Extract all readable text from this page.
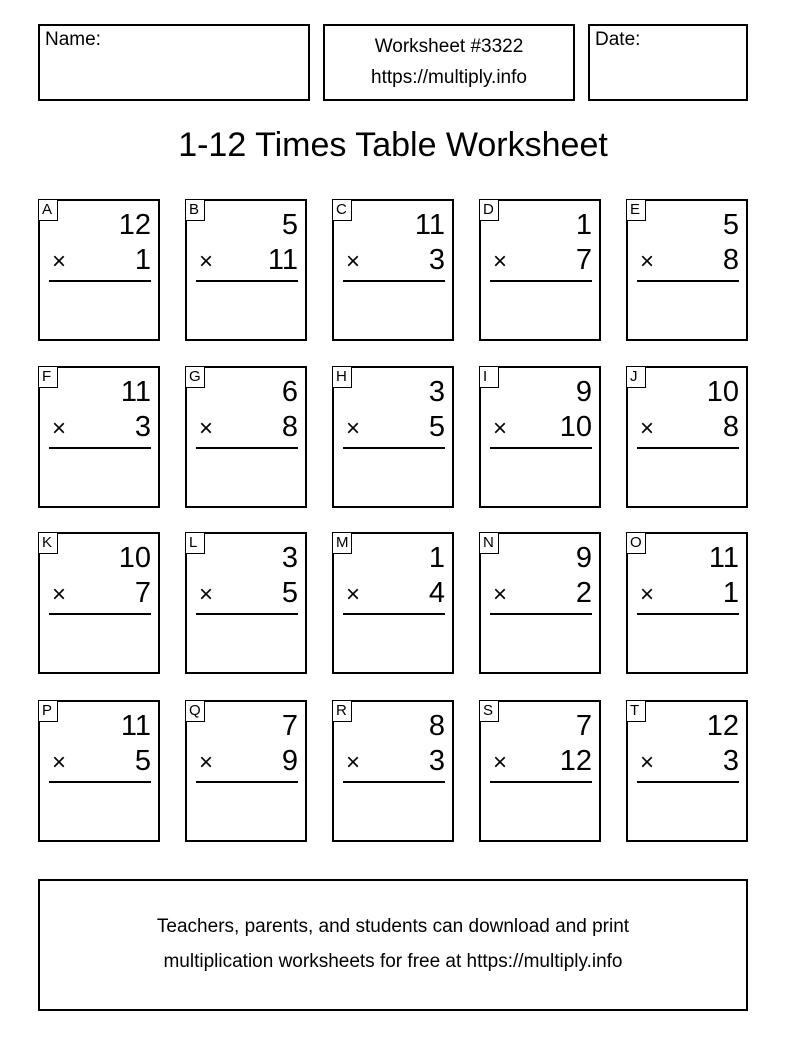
Name:	Worksheet #3322
https://multiply.info
Date:
1-12 Times Table Worksheet
A 12
× 1
B	5
× 11
C 11
× 3
D	1
× 7
E	5
× 8
F 11
× 3
G	6
× 8
H	3
× 5
I	9
× 10
J 10
× 8
K 10
× 7
L	3
× 5
M	1
× 4
N	9
× 2
O 11
× 1
P 11
× 5
Q	7
× 9
R	8
× 3
S	7
× 12
T 12
× 3
Teachers, parents, and students can download and print
multiplication worksheets for free at https://multiply.info
